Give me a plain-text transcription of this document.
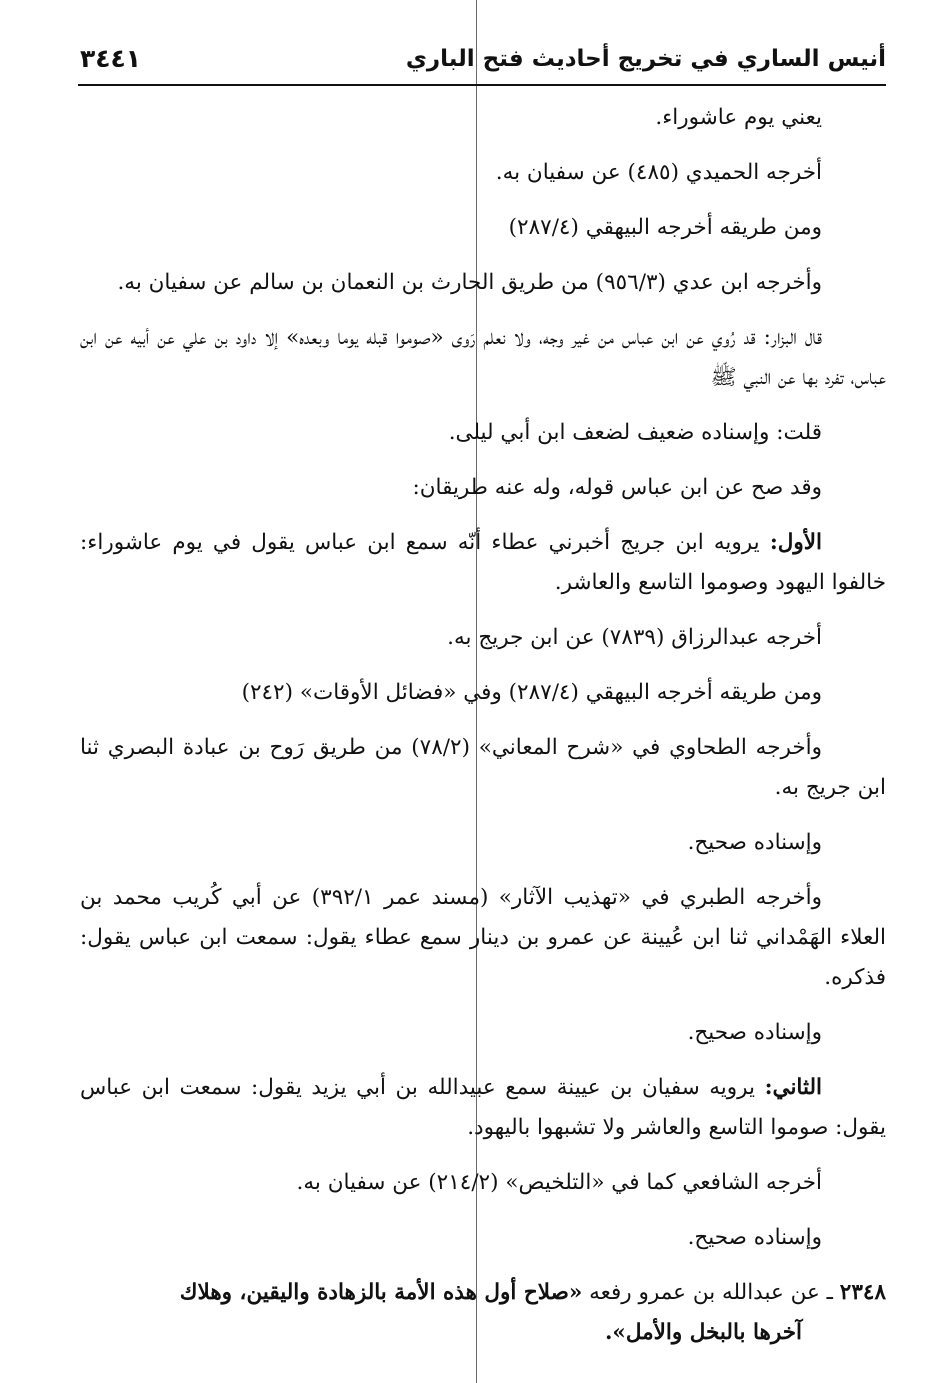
أنيس الساري في تخريج أحاديث فتح الباري
٣٤٤١

يعني يوم عاشوراء.

أخرجه الحميدي (٤٨٥) عن سفيان به.

ومن طريقه أخرجه البيهقي (٢٨٧/٤)

وأخرجه ابن عدي (٩٥٦/٣) من طريق الحارث بن النعمان بن سالم عن سفيان به.

قال البزار: قد رُوي عن ابن عباس من غير وجه، ولا نعلم رَوى «صوموا قبله يوما وبعده» إلا داود بن علي عن أبيه عن ابن عباس، تفرد بها عن النبي ﷺ

قلت: وإسناده ضعيف لضعف ابن أبي ليلى.

وقد صح عن ابن عباس قوله، وله عنه طريقان:

الأول: يرويه ابن جريج أخبرني عطاء أنّه سمع ابن عباس يقول في يوم عاشوراء: خالفوا اليهود وصوموا التاسع والعاشر.

أخرجه عبدالرزاق (٧٨٣٩) عن ابن جريج به.

ومن طريقه أخرجه البيهقي (٢٨٧/٤) وفي «فضائل الأوقات» (٢٤٢)

وأخرجه الطحاوي في «شرح المعاني» (٧٨/٢) من طريق رَوح بن عبادة البصري ثنا ابن جريج به.

وإسناده صحيح.

وأخرجه الطبري في «تهذيب الآثار» (مسند عمر ٣٩٢/١) عن أبي كُريب محمد بن العلاء الهَمْداني ثنا ابن عُيينة عن عمرو بن دينار سمع عطاء يقول: سمعت ابن عباس يقول: فذكره.

وإسناده صحيح.

الثاني: يرويه سفيان بن عيينة سمع عبيدالله بن أبي يزيد يقول: سمعت ابن عباس يقول: صوموا التاسع والعاشر ولا تشبهوا باليهود.

أخرجه الشافعي كما في «التلخيص» (٢١٤/٢) عن سفيان به.

وإسناده صحيح.

٢٣٤٨ ـ عن عبدالله بن عمرو رفعه «صلاح أول هذه الأمة بالزهادة واليقين، وهلاك
آخرها بالبخل والأمل».
